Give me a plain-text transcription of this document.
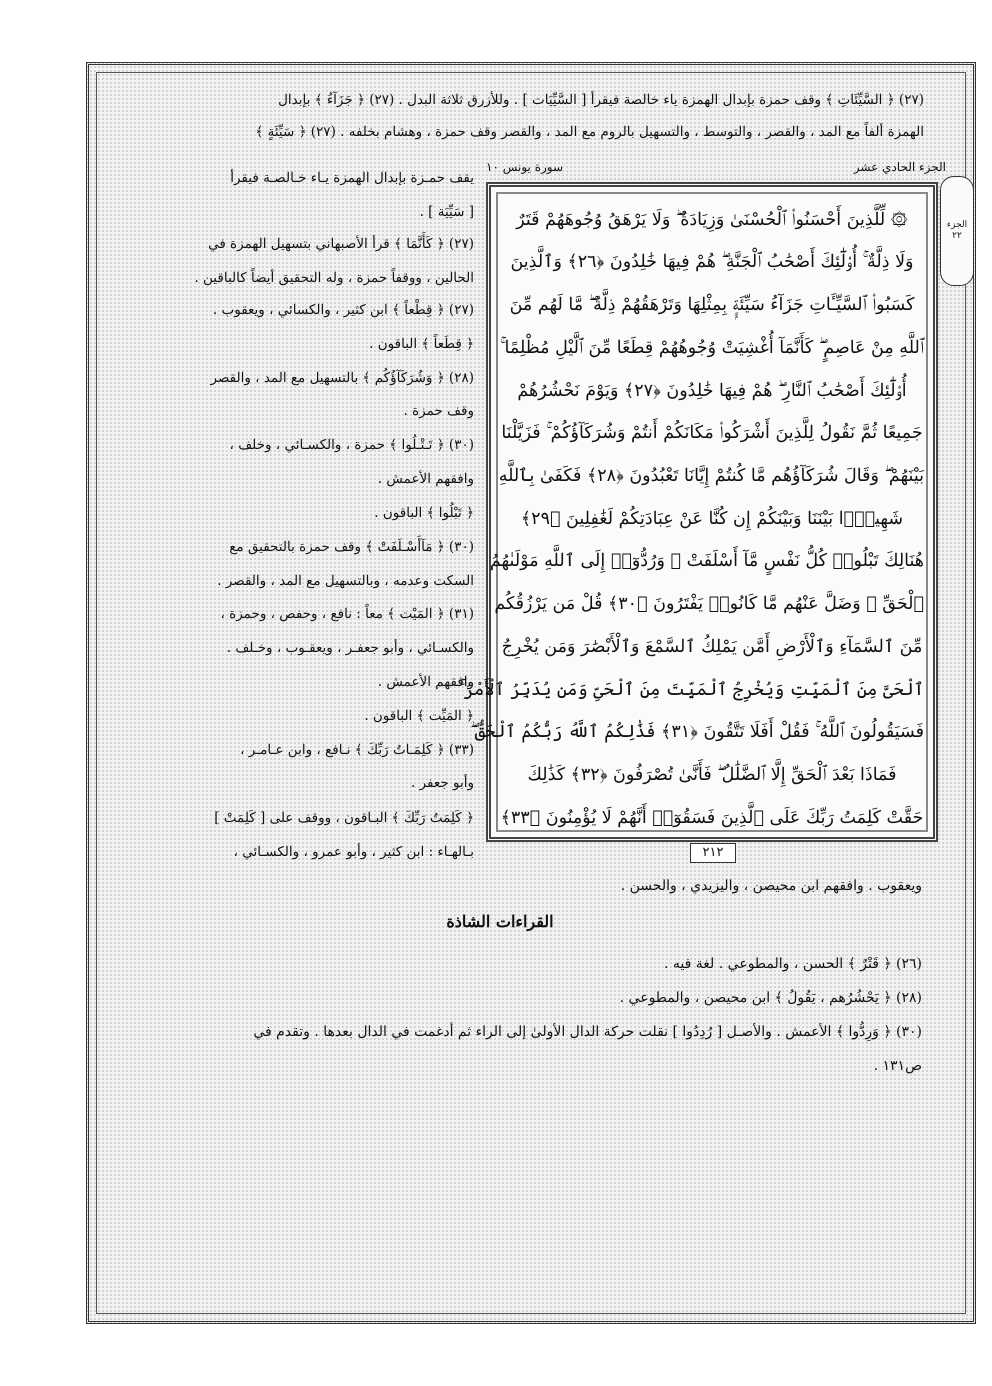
الجزء
٢٢
(٢٧) ﴿ السَّيِّئَاتِ ﴾ وقف حمزة بإبدال الهمزة ياء خالصة فيقرأ [ السَّيِّيَات ] . وللأزرق ثلاثة البدل . (٢٧) ﴿ جَزَآءُ ﴾ بإبدال
الهمزة ألفاً مع المد ، والقصر ، والتوسط ، والتسهيل بالروم مع المد ، والقصر وقف حمزة ، وهشام بخلفه . (٢٧) ﴿ سَيِّئَةٍ ﴾
الجزء الحادي عشر
سورة يونس ١٠
۞ لِّلَّذِينَ أَحْسَنُوا۟ ٱلْحُسْنَىٰ وَزِيَادَةٌ ۖ وَلَا يَرْهَقُ وُجُوهَهُمْ قَتَرٌ
وَلَا ذِلَّةٌ ۚ أُو۟لَٰٓئِكَ أَصْحَٰبُ ٱلْجَنَّةِ ۖ هُمْ فِيهَا خَٰلِدُونَ ﴿٢٦﴾ وَٱلَّذِينَ
كَسَبُوا۟ ٱلسَّيِّـَٔاتِ جَزَآءُ سَيِّئَةٍۭ بِمِثْلِهَا وَتَرْهَقُهُمْ ذِلَّةٌ ۖ مَّا لَهُم مِّنَ
ٱللَّهِ مِنْ عَاصِمٍ ۖ كَأَنَّمَآ أُغْشِيَتْ وُجُوهُهُمْ قِطَعًا مِّنَ ٱلَّيْلِ مُظْلِمًا ۚ
أُو۟لَٰٓئِكَ أَصْحَٰبُ ٱلنَّارِ ۖ هُمْ فِيهَا خَٰلِدُونَ ﴿٢٧﴾ وَيَوْمَ نَحْشُرُهُمْ
جَمِيعًا ثُمَّ نَقُولُ لِلَّذِينَ أَشْرَكُوا۟ مَكَانَكُمْ أَنتُمْ وَشُرَكَآؤُكُمْ ۚ فَزَيَّلْنَا
بَيْنَهُمْ ۖ وَقَالَ شُرَكَآؤُهُم مَّا كُنتُمْ إِيَّانَا تَعْبُدُونَ ﴿٢٨﴾ فَكَفَىٰ بِٱللَّهِ
شَهِيدًۢا بَيْنَنَا وَبَيْنَكُمْ إِن كُنَّا عَنْ عِبَادَتِكُمْ لَغَٰفِلِينَ ﴿٢٩﴾
هُنَالِكَ تَبْلُوا۟ كُلُّ نَفْسٍ مَّآ أَسْلَفَتْ ۚ وَرُدُّوٓا۟ إِلَى ٱللَّهِ مَوْلَىٰهُمُ
ٱلْحَقِّ ۖ وَضَلَّ عَنْهُم مَّا كَانُوا۟ يَفْتَرُونَ ﴿٣٠﴾ قُلْ مَن يَرْزُقُكُم
مِّنَ ٱلسَّمَآءِ وَٱلْأَرْضِ أَمَّن يَمْلِكُ ٱلسَّمْعَ وَٱلْأَبْصَٰرَ وَمَن يُخْرِجُ
ٱلْحَىَّ مِنَ ٱلْمَيِّتِ وَيُخْرِجُ ٱلْمَيِّتَ مِنَ ٱلْحَىِّ وَمَن يُدَبِّرُ ٱلْأَمْرَ ۚ
فَسَيَقُولُونَ ٱللَّهُ ۚ فَقُلْ أَفَلَا تَتَّقُونَ ﴿٣١﴾ فَذَٰلِكُمُ ٱللَّهُ رَبُّكُمُ ٱلْحَقُّ ۖ
فَمَاذَا بَعْدَ ٱلْحَقِّ إِلَّا ٱلضَّلَٰلُ ۖ فَأَنَّىٰ تُصْرَفُونَ ﴿٣٢﴾ كَذَٰلِكَ
حَقَّتْ كَلِمَتُ رَبِّكَ عَلَى ٱلَّذِينَ فَسَقُوٓا۟ أَنَّهُمْ لَا يُؤْمِنُونَ ﴿٣٣﴾
٢١٢
يقف حمـزة بإبدال الهمزة يـاء خـالصـة فيقرأ
[ سَيِّيَة ] .
(٢٧) ﴿ كَأَنَّمَا ﴾ قرأ الأصبهاني بتسهيل الهمزة في
الحالين ، ووقفاً حمزة ، وله التحقيق أيضاً كالباقين .
(٢٧) ﴿ قِطْعاً ﴾ ابن كثير ، والكسائي ، ويعقوب .
﴿ قِطَعاً ﴾ الباقون .
(٢٨) ﴿ وَشُرَكَآؤُكُم ﴾ بالتسهيل مع المد ، والقصر
وقف حمزة .
(٣٠) ﴿ تَـتْـلُوا ﴾ حمزة ، والكسـائي ، وخلف ،
وافقهم الأعمش .
﴿ تَبْلُوا ﴾ الباقون .
(٣٠) ﴿ مَآأَسْـلَفَتْ ﴾ وقف حمزة بالتحقيق مع
السكت وعدمه ، وبالتسهيل مع المد ، والقصر .
(٣١) ﴿ المَيْت ﴾ معاً : نافع ، وحفص ، وحمزة ،
والكسـائي ، وأبو جعفـر ، ويعقـوب ، وخـلف .
وافقهم الأعمش .
﴿ المَيِّت ﴾ الباقون .
(٣٣) ﴿ كَلِمَـاتُ رَبِّكَ ﴾ نـافع ، وابن عـامـر ،
وأبو جعفر .
﴿ كَلِمَتُ رَبِّكَ ﴾ البـاقون ، ووقف على [ كَلِمَتْ ]
بـالهـاء : ابن كثير ، وأبو عمرو ، والكسـائي ،
ويعقوب . وافقهم ابن محيصن ، واليزيدي ، والحسن .
القراءات الشاذة
(٢٦) ﴿ قَتْرٌ ﴾ الحسن ، والمطوعي . لغة فيه .
(٢٨) ﴿ يَحْشُرُهم ، يَقُولُ ﴾ ابن محيصن ، والمطوعي .
(٣٠) ﴿ وَرِدُّوا ﴾ الأعمش . والأصـل [ رُدِدُوا ] نقلت حركة الدال الأولىٰ إلى الراء ثم أدغمت في الدال بعدها . وتقدم في
ص١٣١ .
